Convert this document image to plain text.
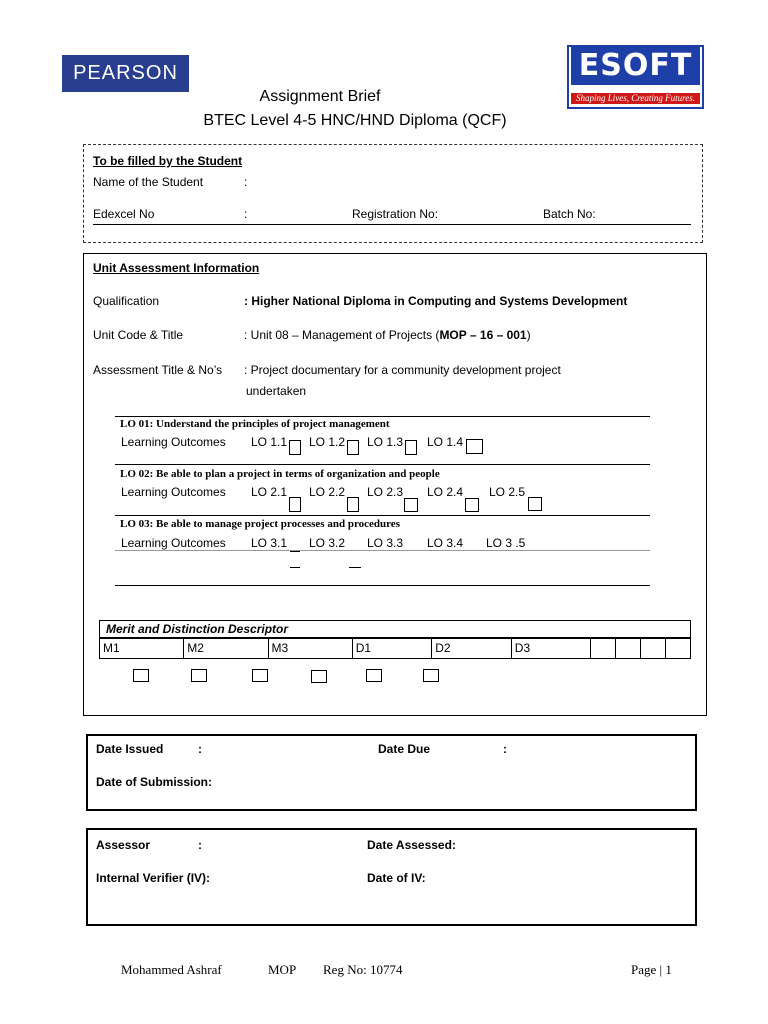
PEARSON	ESOFT
Shaping Lives, Creating Futures.
Assignment Brief
BTEC Level 4-5 HNC/HND Diploma (QCF)
To be filled by the Student
Name of the Student	:
Edexcel No	:	Registration No:	Batch No:
Unit Assessment Information
Qualification	: Higher National Diploma in Computing and Systems Development
Unit Code & Title	: Unit 08 – Management of Projects (MOP – 16 – 001)
Assessment Title & No’s : Project documentary for a community development project
undertaken
LO 01: Understand the principles of project management
Learning Outcomes LO 1.1 LO 1.2 LO 1.3 LO 1.4
LO 02: Be able to plan a project in terms of organization and people
Learning Outcomes LO 2.1 LO 2.2 LO 2.3 LO 2.4 LO 2.5
LO 03: Be able to manage project processes and procedures
Learning Outcomes LO 3.1 LO 3.2 LO 3.3 LO 3.4 LO 3 .5
Merit and Distinction Descriptor
M1	M2	M3	D1	D2	D3				
Date Issued	:	Date Due	:
Date of Submission:
Assessor	:	Date Assessed:
Internal Verifier (IV):	Date of IV:
Mohammed Ashraf	MOP Reg No: 10774	Page | 1
